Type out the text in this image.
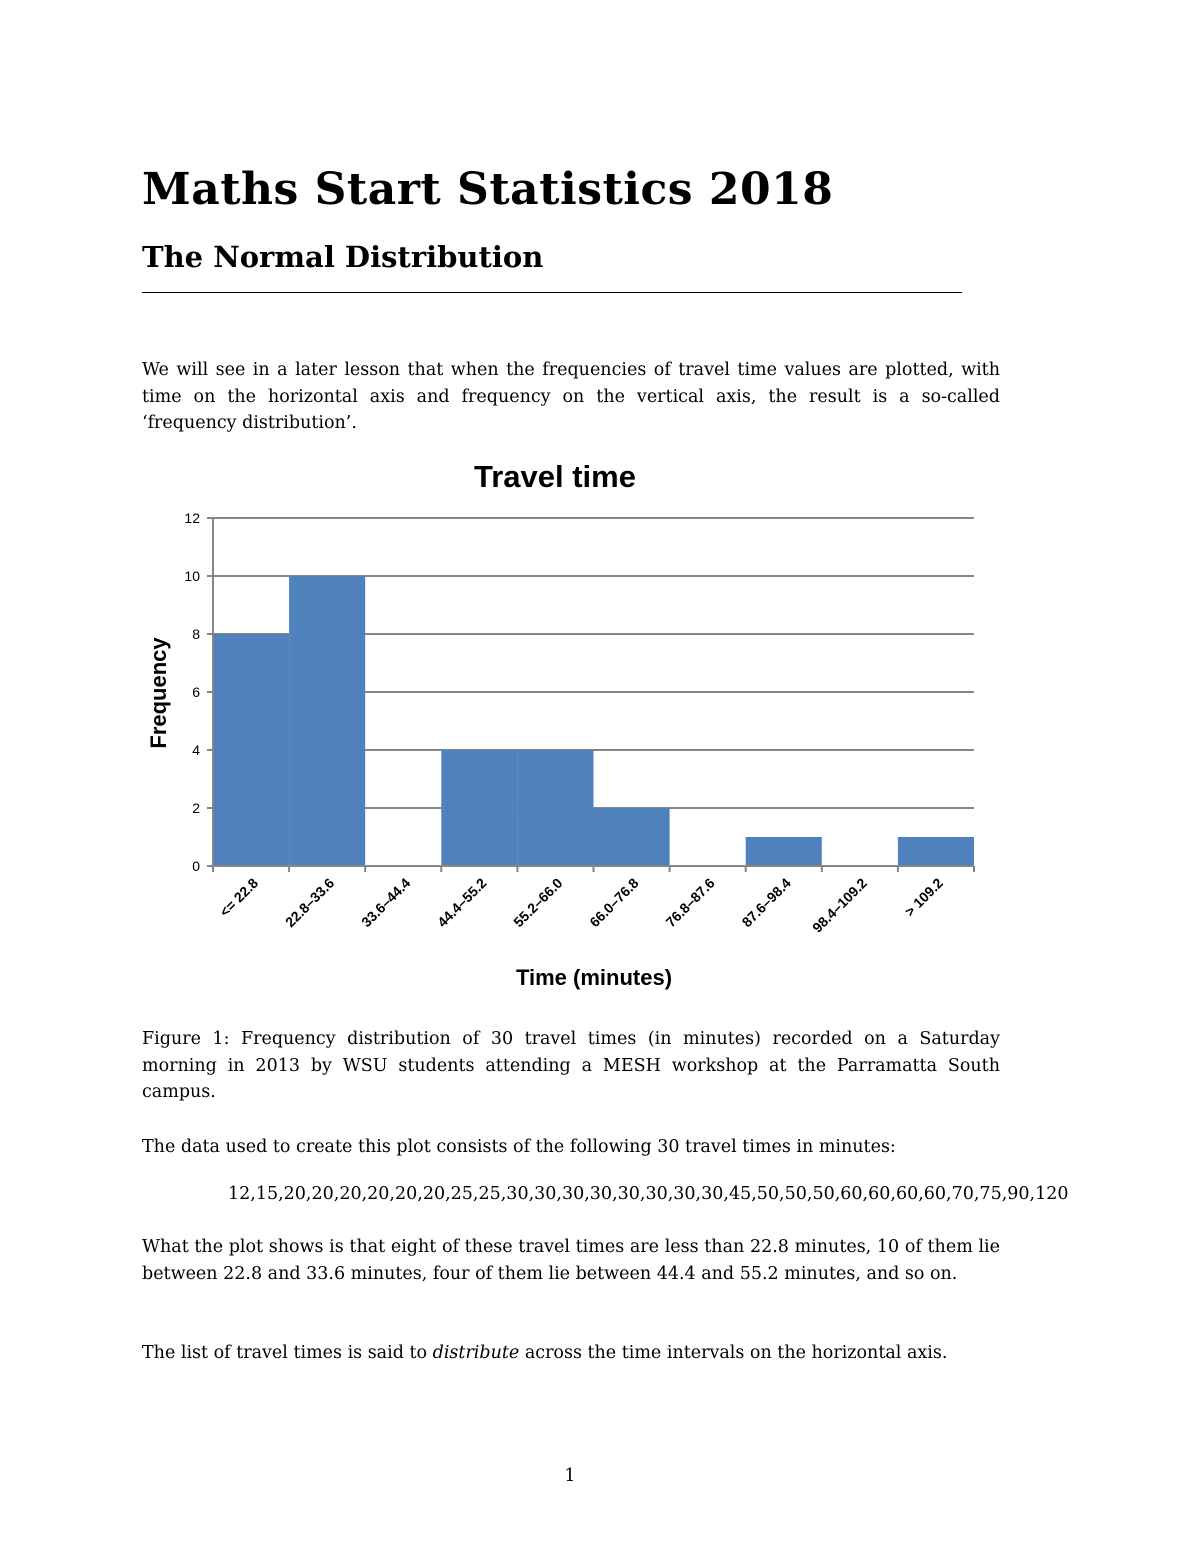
Maths Start Statistics 2018
The Normal Distribution

We will see in a later lesson that when the frequencies of travel time values are plotted, with time on the horizontal axis and frequency on the vertical axis, the result is a so-called ‘frequency distribution’.

Travel time
0
2
4
6
8
10
12
<= 22.8 22.8–33.6 33.6–44.4 44.4–55.2 55.2–66.0 66.0–76.8 76.8–87.6 87.6–98.4 98.4–109.2 > 109.2
Frequency
Time (minutes)

Figure 1: Frequency distribution of 30 travel times (in minutes) recorded on a Saturday morning in 2013 by WSU students attending a MESH workshop at the Parramatta South campus.

The data used to create this plot consists of the following 30 travel times in minutes:

12,15,20,20,20,20,20,20,25,25,30,30,30,30,30,30,30,30,45,50,50,50,60,60,60,60,70,75,90,120

What the plot shows is that eight of these travel times are less than 22.8 minutes, 10 of them lie between 22.8 and 33.6 minutes, four of them lie between 44.4 and 55.2 minutes, and so on.

The list of travel times is said to distribute across the time intervals on the horizontal axis.

1
